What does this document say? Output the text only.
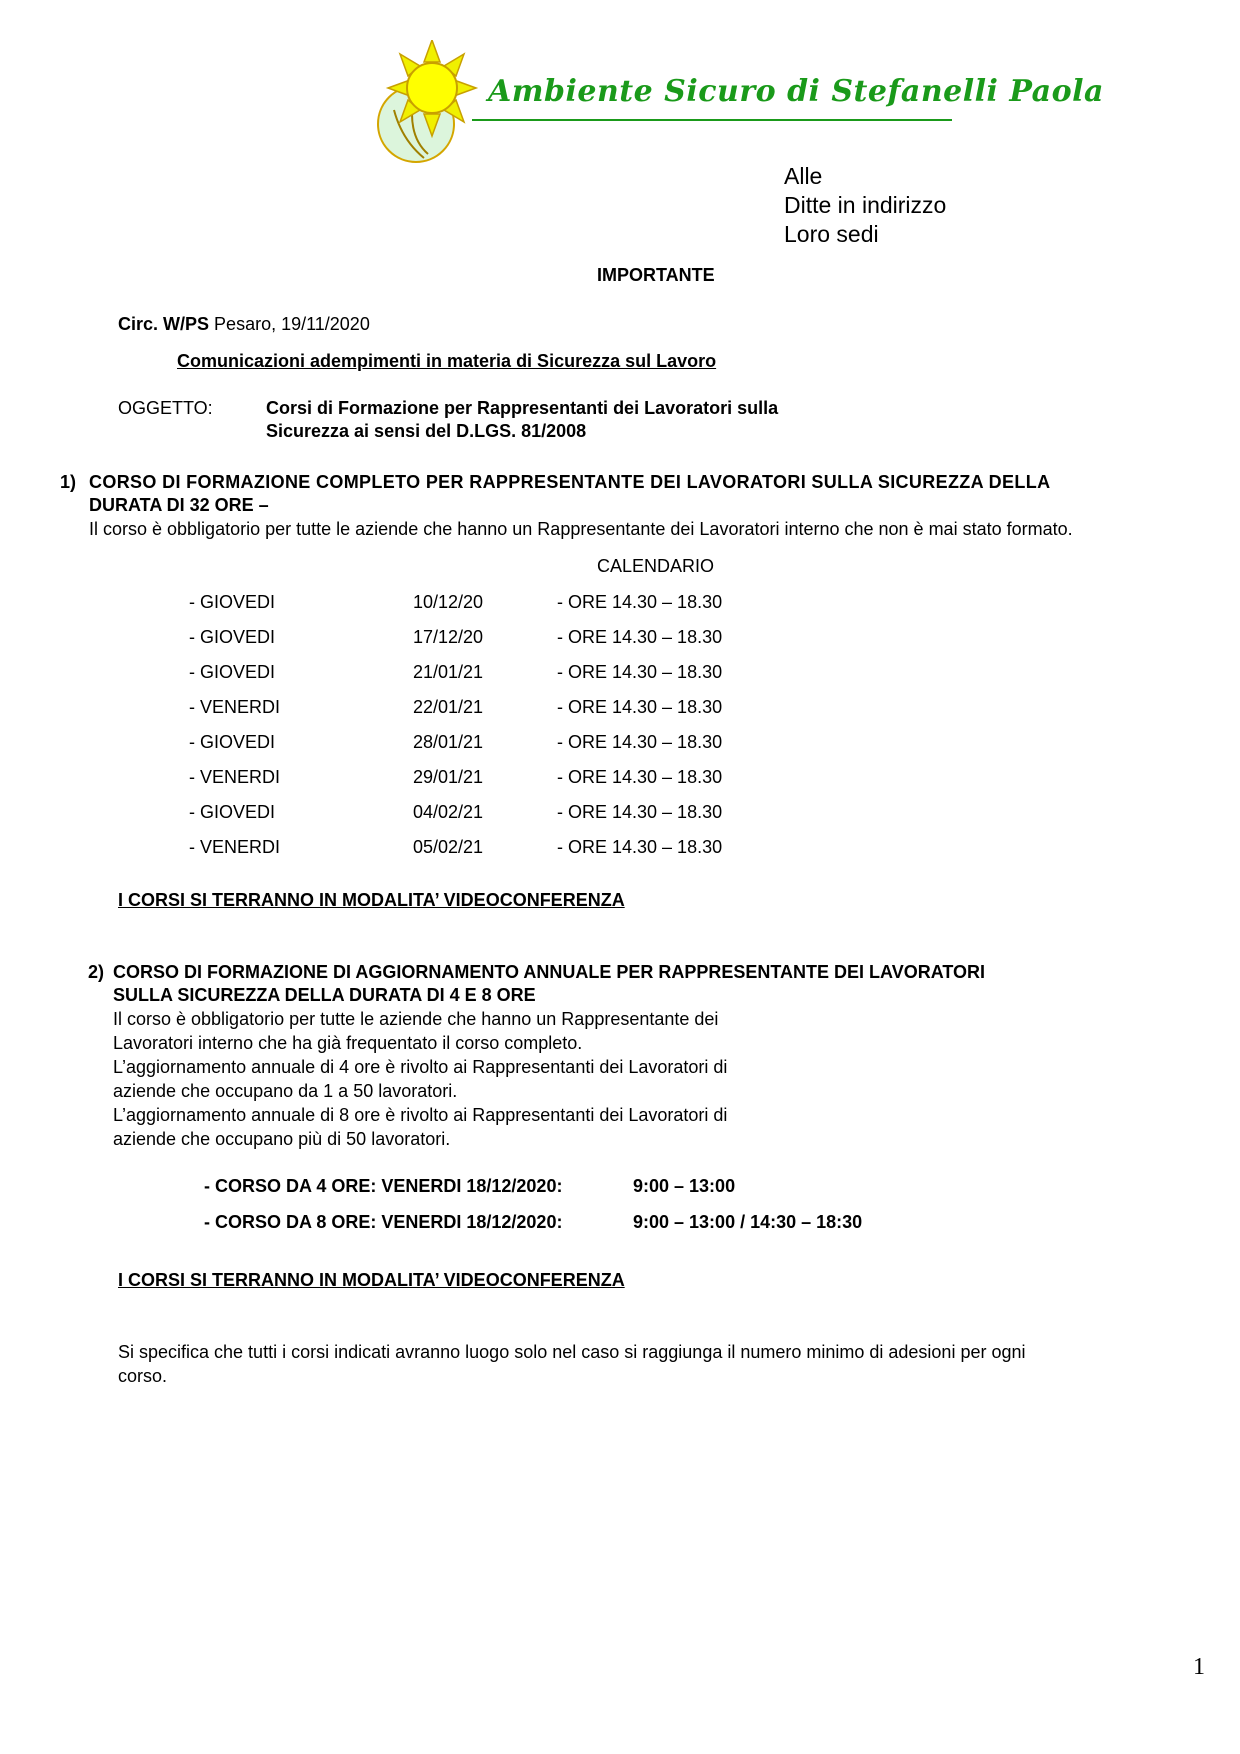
Ambiente Sicuro di Stefanelli Paola
Alle
Ditte in indirizzo
Loro sedi
IMPORTANTE
Circ. W/PS Pesaro, 19/11/2020
Comunicazioni adempimenti in materia di Sicurezza sul Lavoro
OGGETTO:	Corsi di Formazione per Rappresentanti dei Lavoratori sulla
Sicurezza ai sensi del D.LGS. 81/2008
1) CORSO DI FORMAZIONE COMPLETO PER RAPPRESENTANTE DEI LAVORATORI SULLA SICUREZZA DELLA
DURATA DI 32 ORE –
Il corso è obbligatorio per tutte le aziende che hanno un Rappresentante dei Lavoratori interno che non è mai stato formato.
CALENDARIO
- GIOVEDI	10/12/20	- ORE 14.30 – 18.30
- GIOVEDI	17/12/20	- ORE 14.30 – 18.30
- GIOVEDI	21/01/21	- ORE 14.30 – 18.30
- VENERDI	22/01/21	- ORE 14.30 – 18.30
- GIOVEDI	28/01/21	- ORE 14.30 – 18.30
- VENERDI	29/01/21	- ORE 14.30 – 18.30
- GIOVEDI	04/02/21	- ORE 14.30 – 18.30
- VENERDI	05/02/21	- ORE 14.30 – 18.30
I CORSI SI TERRANNO IN MODALITA’ VIDEOCONFERENZA
2) CORSO DI FORMAZIONE DI AGGIORNAMENTO ANNUALE PER RAPPRESENTANTE DEI LAVORATORI
SULLA SICUREZZA DELLA DURATA DI 4 E 8 ORE
Il corso è obbligatorio per tutte le aziende che hanno un Rappresentante dei
Lavoratori interno che ha già frequentato il corso completo.
L’aggiornamento annuale di 4 ore è rivolto ai Rappresentanti dei Lavoratori di
aziende che occupano da 1 a 50 lavoratori.
L’aggiornamento annuale di 8 ore è rivolto ai Rappresentanti dei Lavoratori di
aziende che occupano più di 50 lavoratori.
- CORSO DA 4 ORE: VENERDI 18/12/2020:	9:00 – 13:00
- CORSO DA 8 ORE: VENERDI 18/12/2020:	9:00 – 13:00 / 14:30 – 18:30
I CORSI SI TERRANNO IN MODALITA’ VIDEOCONFERENZA
Si specifica che tutti i corsi indicati avranno luogo solo nel caso si raggiunga il numero minimo di adesioni per ogni
corso.
1
